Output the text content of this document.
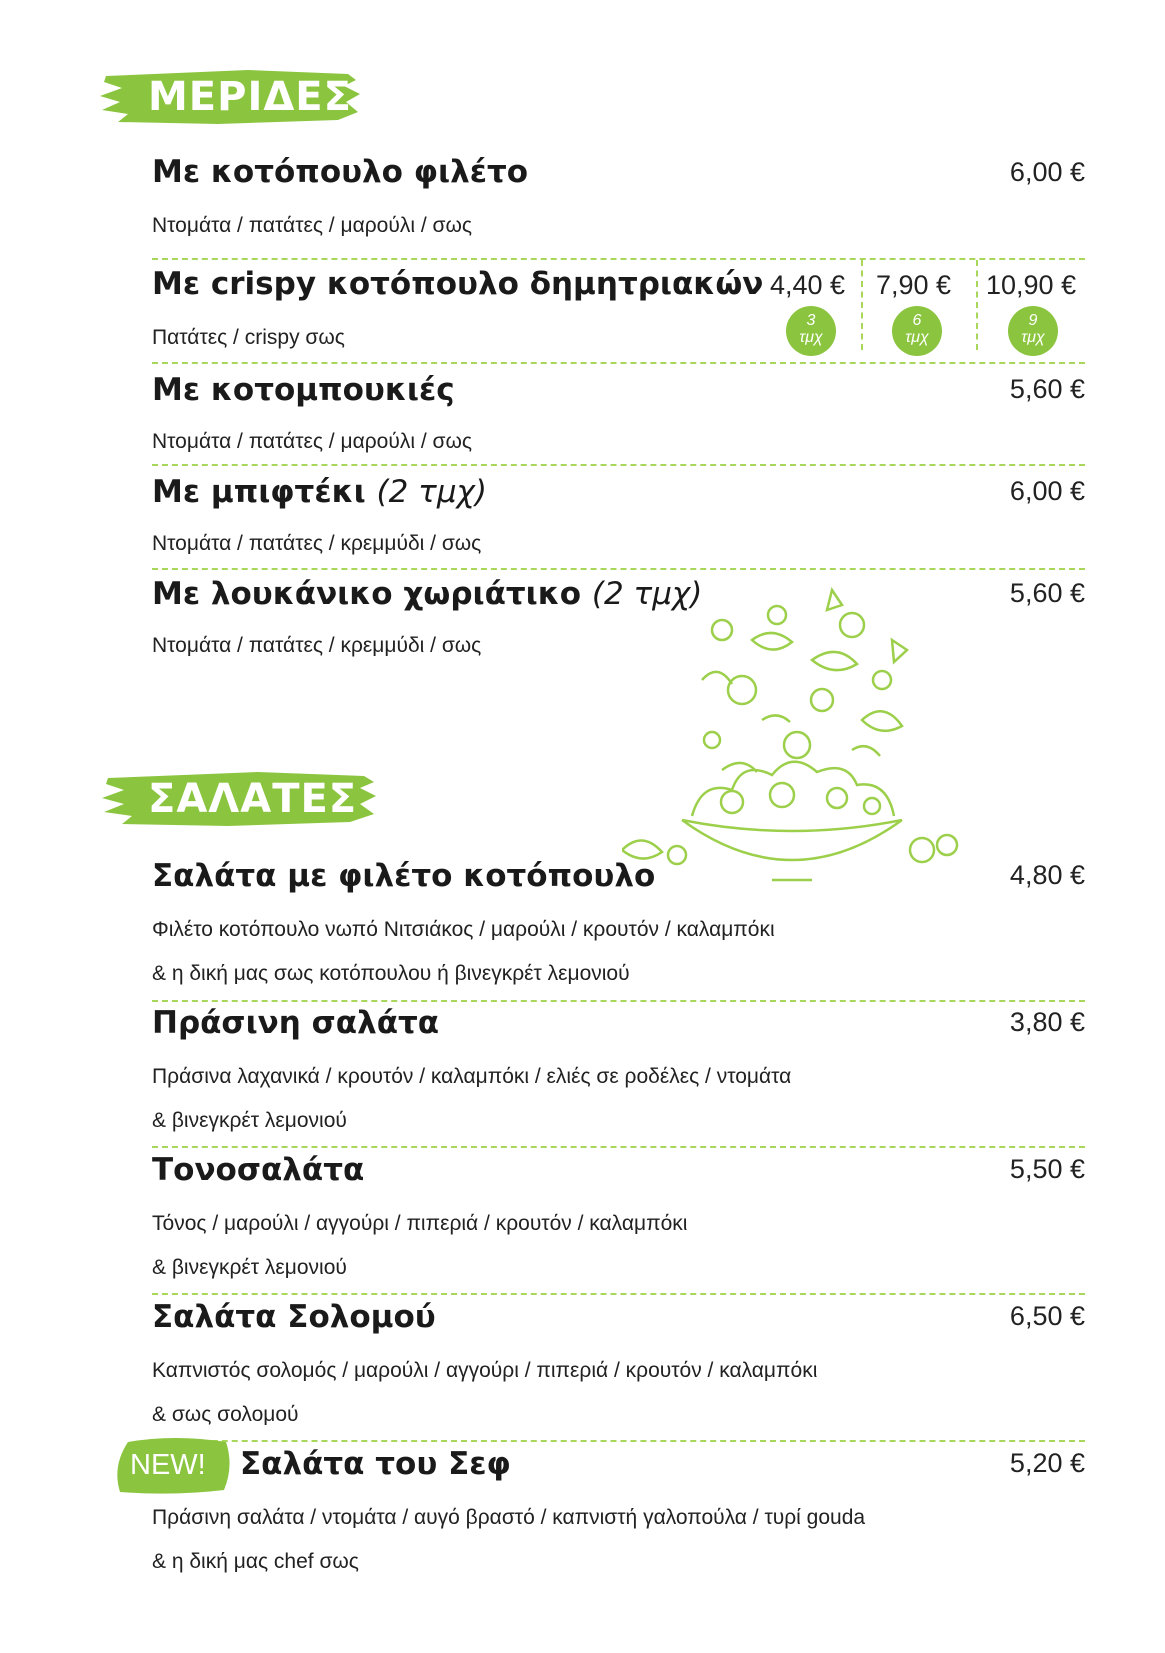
ΜΕΡΙΔΕΣ
Με κοτόπουλο φιλέτο	6,00 €
Ντομάτα / πατάτες / μαρούλι / σως
Με crispy κοτόπουλο δημητριακών
Πατάτες / crispy σως
4,40 €
3
τμχ
7,90 €
6
τμχ
10,90 €
9
τμχ
Με κοτομπουκιές	5,60 €
Ντομάτα / πατάτες / μαρούλι / σως
Με μπιφτέκι (2 τμχ)	6,00 €
Ντομάτα / πατάτες / κρεμμύδι / σως
Με λουκάνικο χωριάτικο (2 τμχ)	5,60 €
Ντομάτα / πατάτες / κρεμμύδι / σως
ΣΑΛΑΤΕΣ
Σαλάτα με φιλέτο κοτόπουλο	4,80 €
Φιλέτο κοτόπουλο νωπό Νιτσιάκος / μαρούλι / κρουτόν / καλαμπόκι
& η δική μας σως κοτόπουλου ή βινεγκρέτ λεμονιού
Πράσινη σαλάτα	3,80 €
Πράσινα λαχανικά / κρουτόν / καλαμπόκι / ελιές σε ροδέλες / ντομάτα
& βινεγκρέτ λεμονιού
Τονοσαλάτα	5,50 €
Τόνος / μαρούλι / αγγούρι / πιπεριά / κρουτόν / καλαμπόκι
& βινεγκρέτ λεμονιού
Σαλάτα Σολομού	6,50 €
Καπνιστός σολομός / μαρούλι / αγγούρι / πιπεριά / κρουτόν / καλαμπόκι
& σως σολομού
NEW! Σαλάτα του Σεφ	5,20 €
Πράσινη σαλάτα / ντομάτα / αυγό βραστό / καπνιστή γαλοπούλα / τυρί gouda
& η δική μας chef σως
